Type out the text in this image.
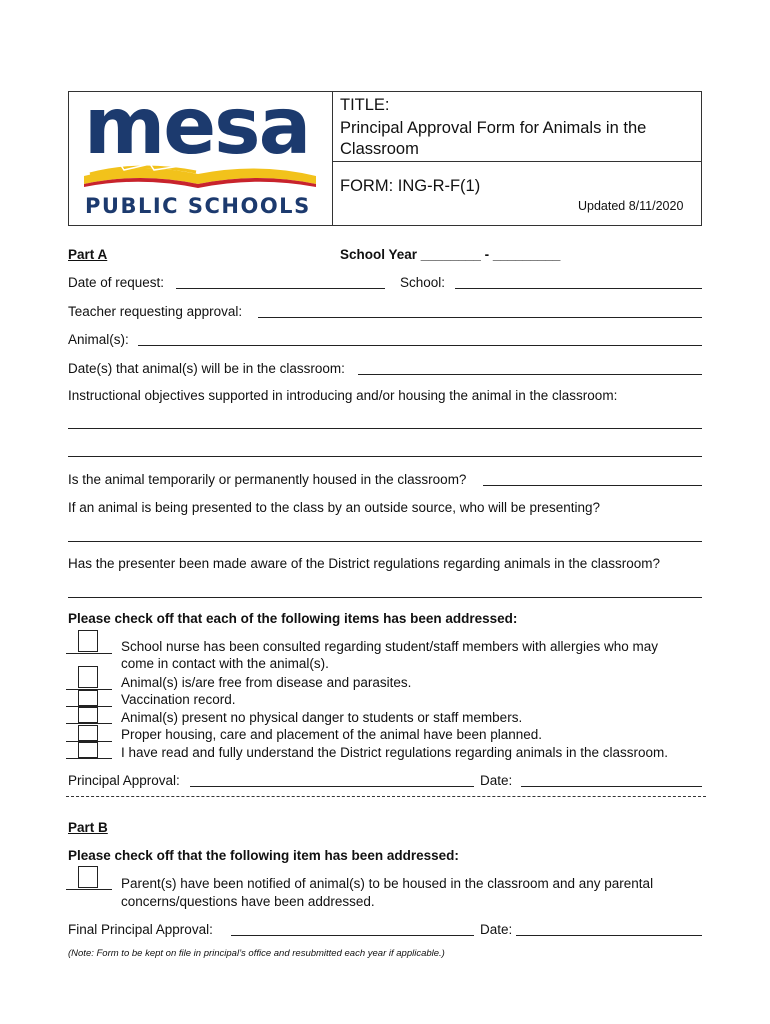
mesa
PUBLIC SCHOOLS
TITLE:
Principal Approval Form for Animals in the
Classroom
FORM: ING-R-F(1)
Updated 8/11/2020
Part A	School Year ________ - _________
Date of request:	School:
Teacher requesting approval:
Animal(s):
Date(s) that animal(s) will be in the classroom:
Instructional objectives supported in introducing and/or housing the animal in the classroom:
Is the animal temporarily or permanently housed in the classroom?
If an animal is being presented to the class by an outside source, who will be presenting?
Has the presenter been made aware of the District regulations regarding animals in the classroom?
Please check off that each of the following items has been addressed:
School nurse has been consulted regarding student/staff members with allergies who may
come in contact with the animal(s).
Animal(s) is/are free from disease and parasites.
Vaccination record.
Animal(s) present no physical danger to students or staff members.
Proper housing, care and placement of the animal have been planned.
I have read and fully understand the District regulations regarding animals in the classroom.
Principal Approval:	Date:
Part B
Please check off that the following item has been addressed:
Parent(s) have been notified of animal(s) to be housed in the classroom and any parental
concerns/questions have been addressed.
Final Principal Approval:	Date:
(Note: Form to be kept on file in principal’s office and resubmitted each year if applicable.)
